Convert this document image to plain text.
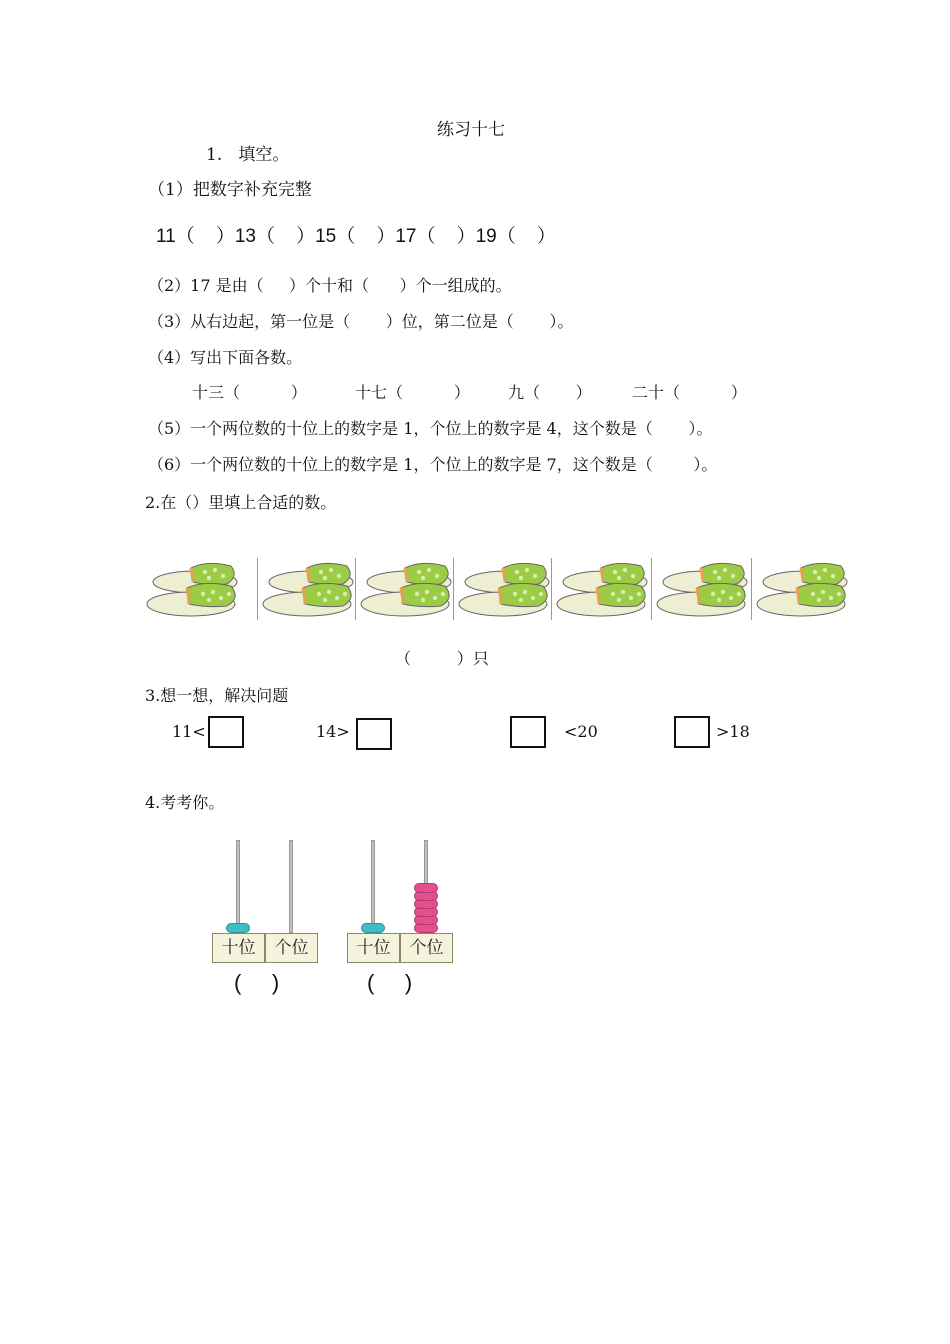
练习十七
1.   填空。
（1）把数字补充完整
11（    ）13（    ）15（    ）17（    ）19（    ）
（2）17 是由（     ）个十和（      ）个一组成的。
（3）从右边起，第一位是（       ）位，第二位是（       ）。
（4）写出下面各数。
十三（          ）	十七（          ） 九（       ）	二十（          ）
（5）一个两位数的十位上的数字是 1，个位上的数字是 4，这个数是（       ）。
（6）一个两位数的十位上的数字是 1，个位上的数字是 7，这个数是（        ）。
2.在（）里填上合适的数。
（         ）只
3.想一想，解决问题
11<	14>	<20	>18
4.考考你。
十位	个位
(     )
十位	个位
(     )
